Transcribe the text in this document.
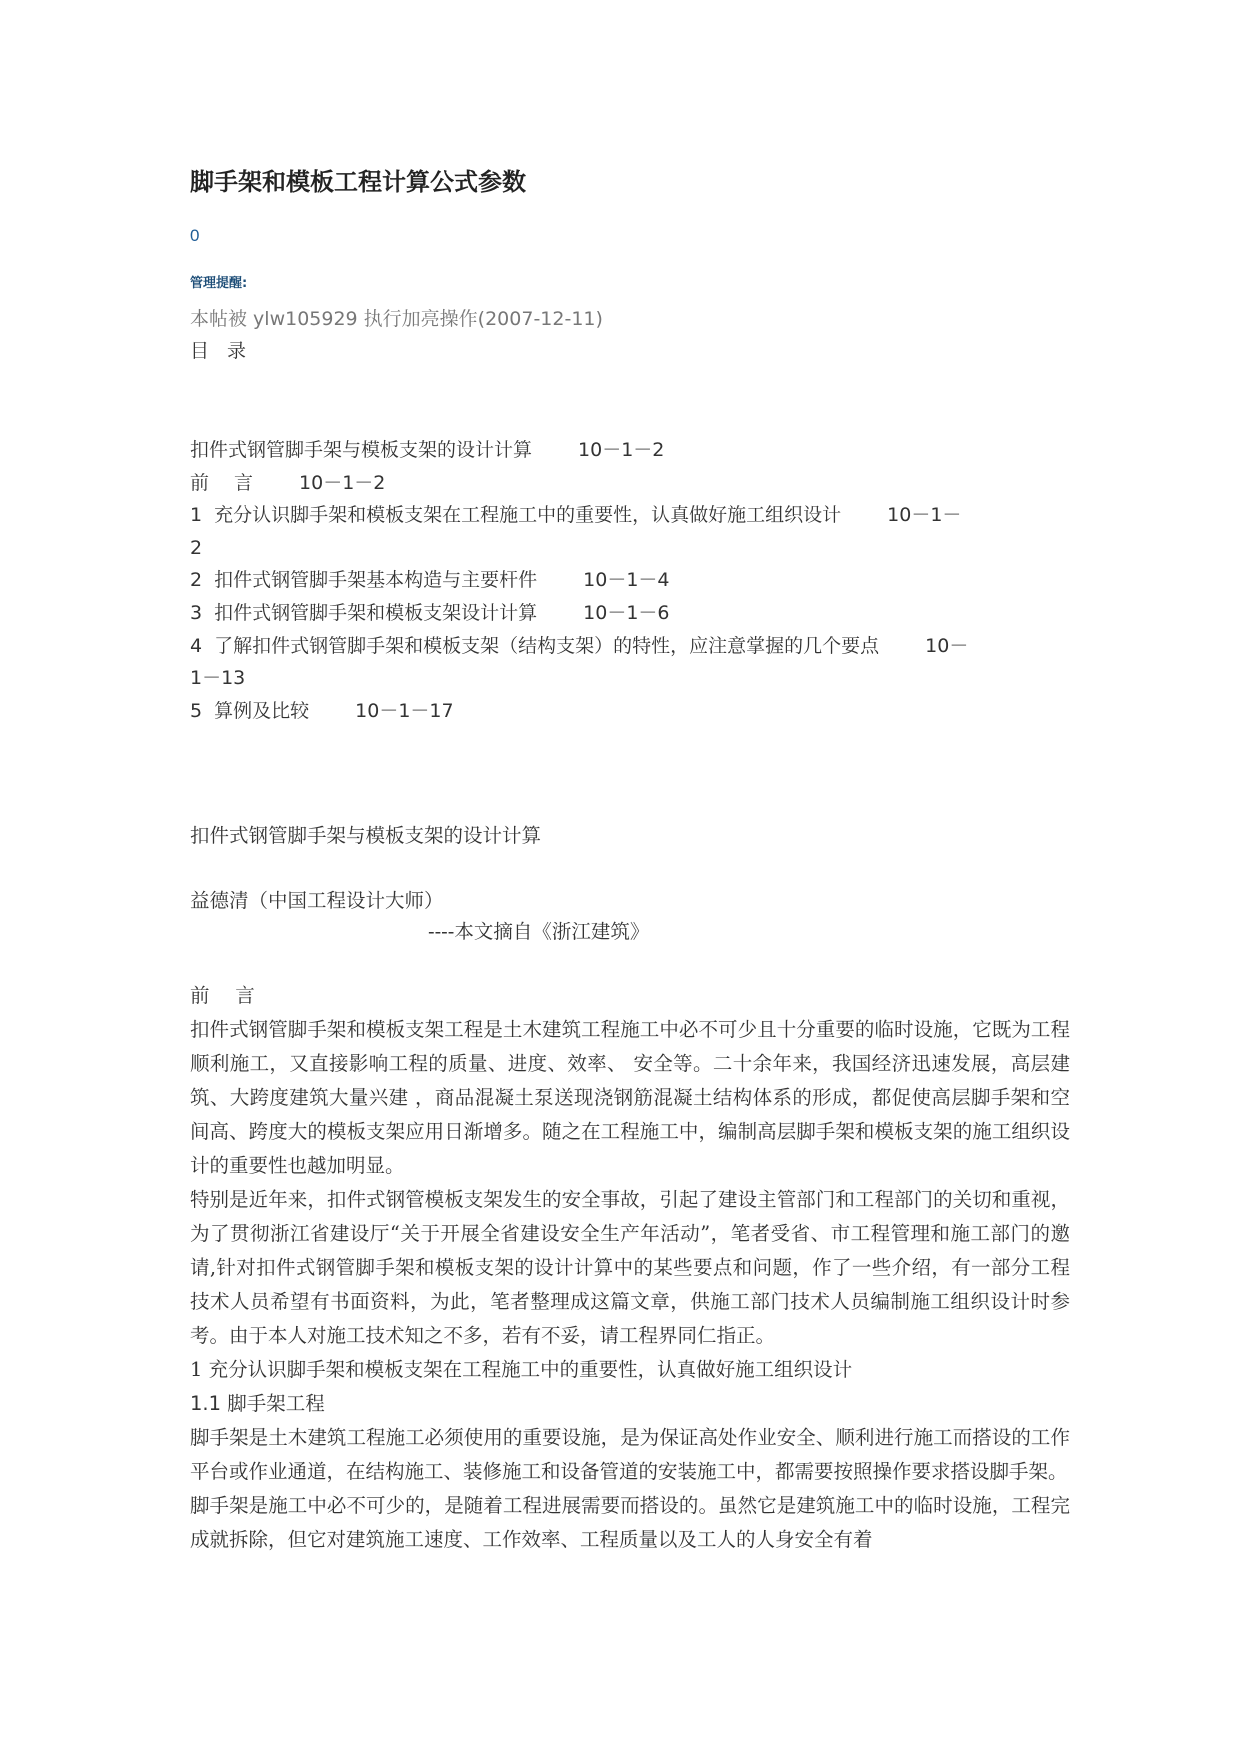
脚手架和模板工程计算公式参数
0
管理提醒:
本帖被 ylw105929 执行加亮操作(2007-12-11)
目 录
扣件式钢管脚手架与模板支架的设计计算 10－1－2
前　 言 10－1－2
1  充分认识脚手架和模板支架在工程施工中的重要性，认真做好施工组织设计 10－1－
2
2  扣件式钢管脚手架基本构造与主要杆件 10－1－4
3  扣件式钢管脚手架和模板支架设计计算 10－1－6
4  了解扣件式钢管脚手架和模板支架（结构支架）的特性，应注意掌握的几个要点 10－
1－13
5  算例及比较 10－1－17
扣件式钢管脚手架与模板支架的设计计算
益德清（中国工程设计大师）
----本文摘自《浙江建筑》
前　 言

扣件式钢管脚手架和模板支架工程是土木建筑工程施工中必不可少且十分重要的临时设施，它既为工程顺利施工，又直接影响工程的质量、进度、效率、 安全等。二十余年来，我国经济迅速发展，高层建筑、大跨度建筑大量兴建 ，商品混凝土泵送现浇钢筋混凝土结构体系的形成，都促使高层脚手架和空间高、跨度大的模板支架应用日渐增多。随之在工程施工中，编制高层脚手架和模板支架的施工组织设计的重要性也越加明显。

特别是近年来，扣件式钢管模板支架发生的安全事故，引起了建设主管部门和工程部门的关切和重视，为了贯彻浙江省建设厅“关于开展全省建设安全生产年活动”，笔者受省、市工程管理和施工部门的邀请,针对扣件式钢管脚手架和模板支架的设计计算中的某些要点和问题，作了一些介绍，有一部分工程技术人员希望有书面资料，为此，笔者整理成这篇文章，供施工部门技术人员编制施工组织设计时参考。由于本人对施工技术知之不多，若有不妥，请工程界同仁指正。

1 充分认识脚手架和模板支架在工程施工中的重要性，认真做好施工组织设计

1.1 脚手架工程

脚手架是土木建筑工程施工必须使用的重要设施，是为保证高处作业安全、顺利进行施工而搭设的工作平台或作业通道，在结构施工、装修施工和设备管道的安装施工中，都需要按照操作要求搭设脚手架。

脚手架是施工中必不可少的，是随着工程进展需要而搭设的。虽然它是建筑施工中的临时设施，工程完成就拆除，但它对建筑施工速度、工作效率、工程质量以及工人的人身安全有着
